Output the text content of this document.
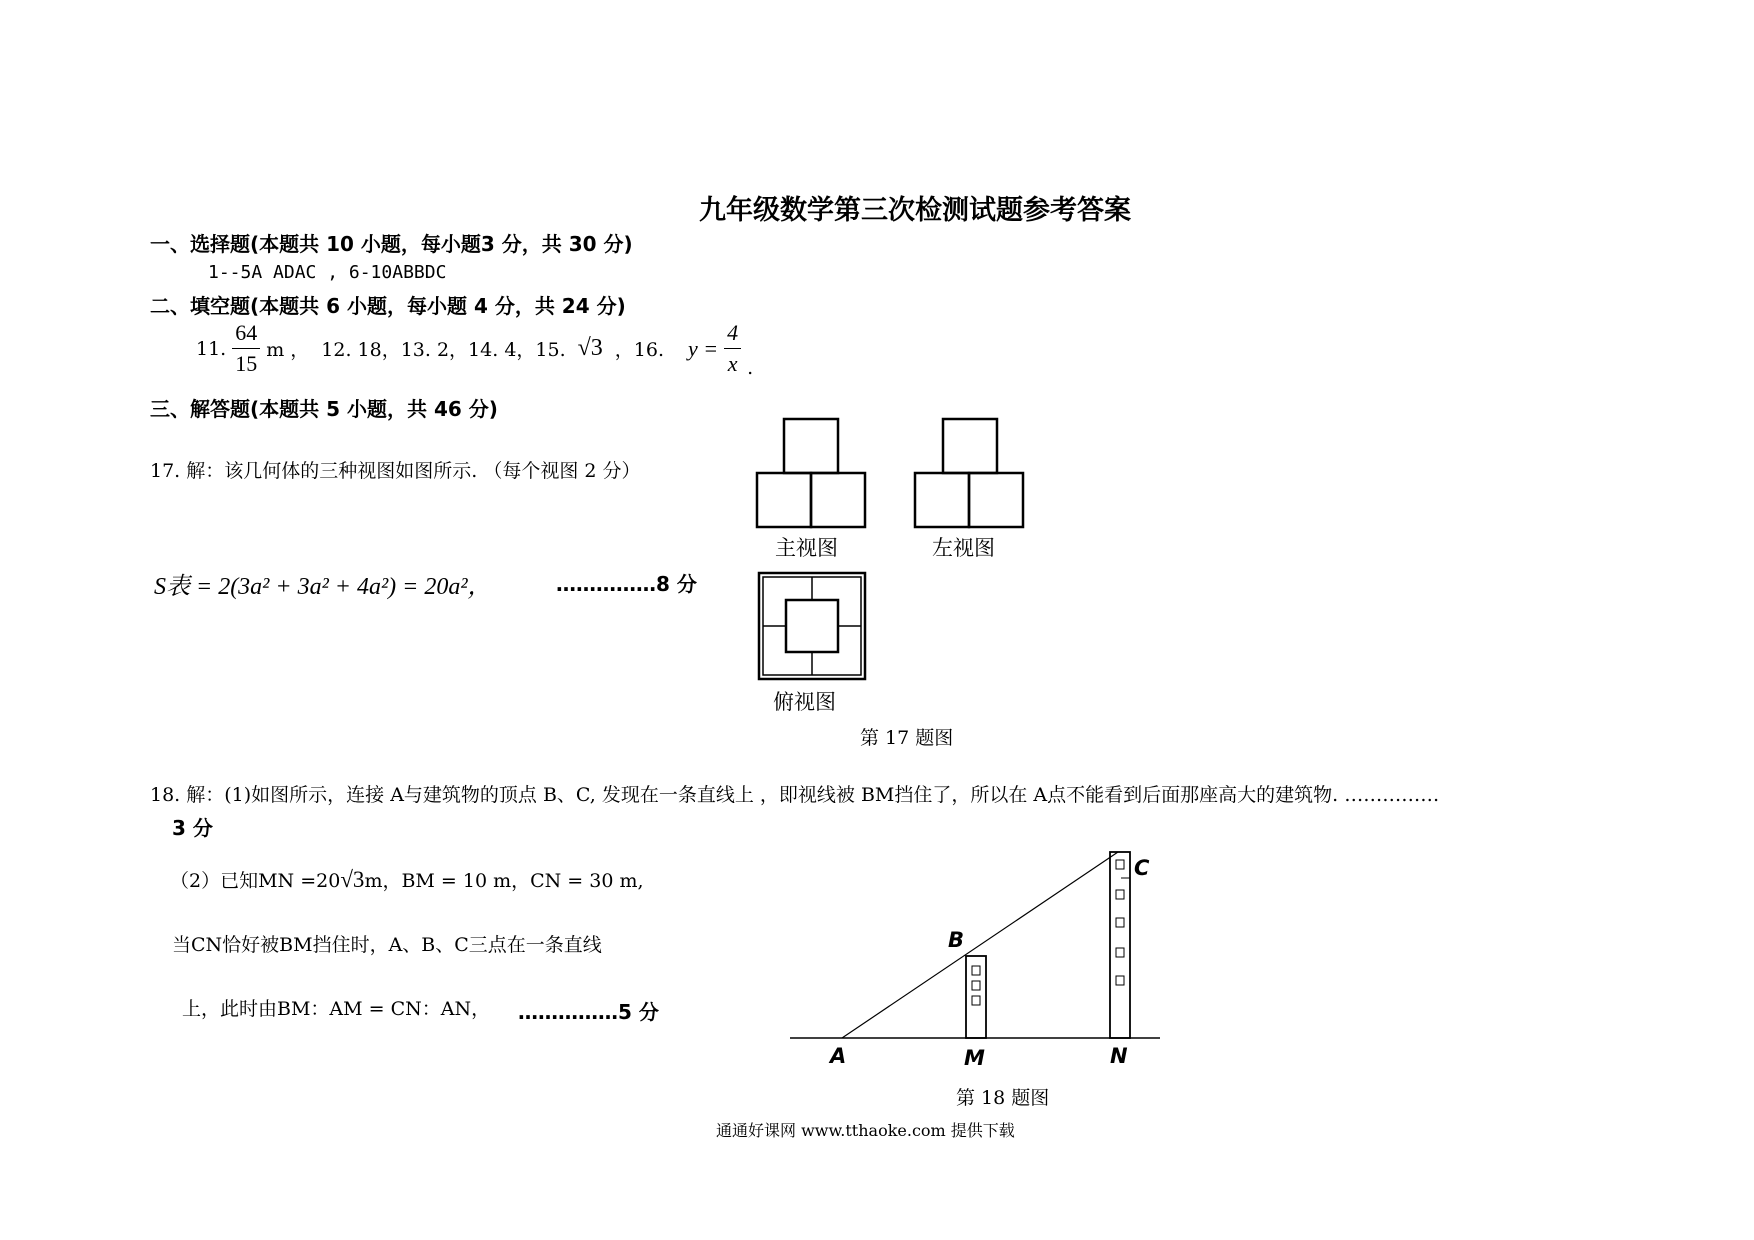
九年级数学第三次检测试题参考答案
一、选择题(本题共 10 小题，每小题3 分，共 30 分)
1--5A ADAC , 6-10ABBDC
二、填空题(本题共 6 小题，每小题 4 分，共 24 分)
11. $\frac{64}{15}$ m ， 12. 18，13. 2，14. 4，15. √3 ，16. $y = \frac{4}{x}$ .
三、解答题(本题共 5 小题，共 46 分)
17. 解：该几何体的三种视图如图所示. （每个视图 2 分）
S表 = 2(3a² + 3a² + 4a²) = 20a²，	……………8 分
主视图	左视图
俯视图
第 17 题图
18. 解：(1)如图所示，连接 A与建筑物的顶点 B、C, 发现在一条直线上 ，即视线被 BM挡住了，所以在 A点不能看到后面那座高大的建筑物. ……………
3 分
（2）已知MN =20 √3 m，BM = 10 m，CN = 30 m,
当CN恰好被BM挡住时，A、B、C三点在一条直线
上，此时由BM：AM = CN：AN， ……………5 分
A
B
C
M	N
第 18 题图
通通好课网 www.tthaoke.com 提供下载
